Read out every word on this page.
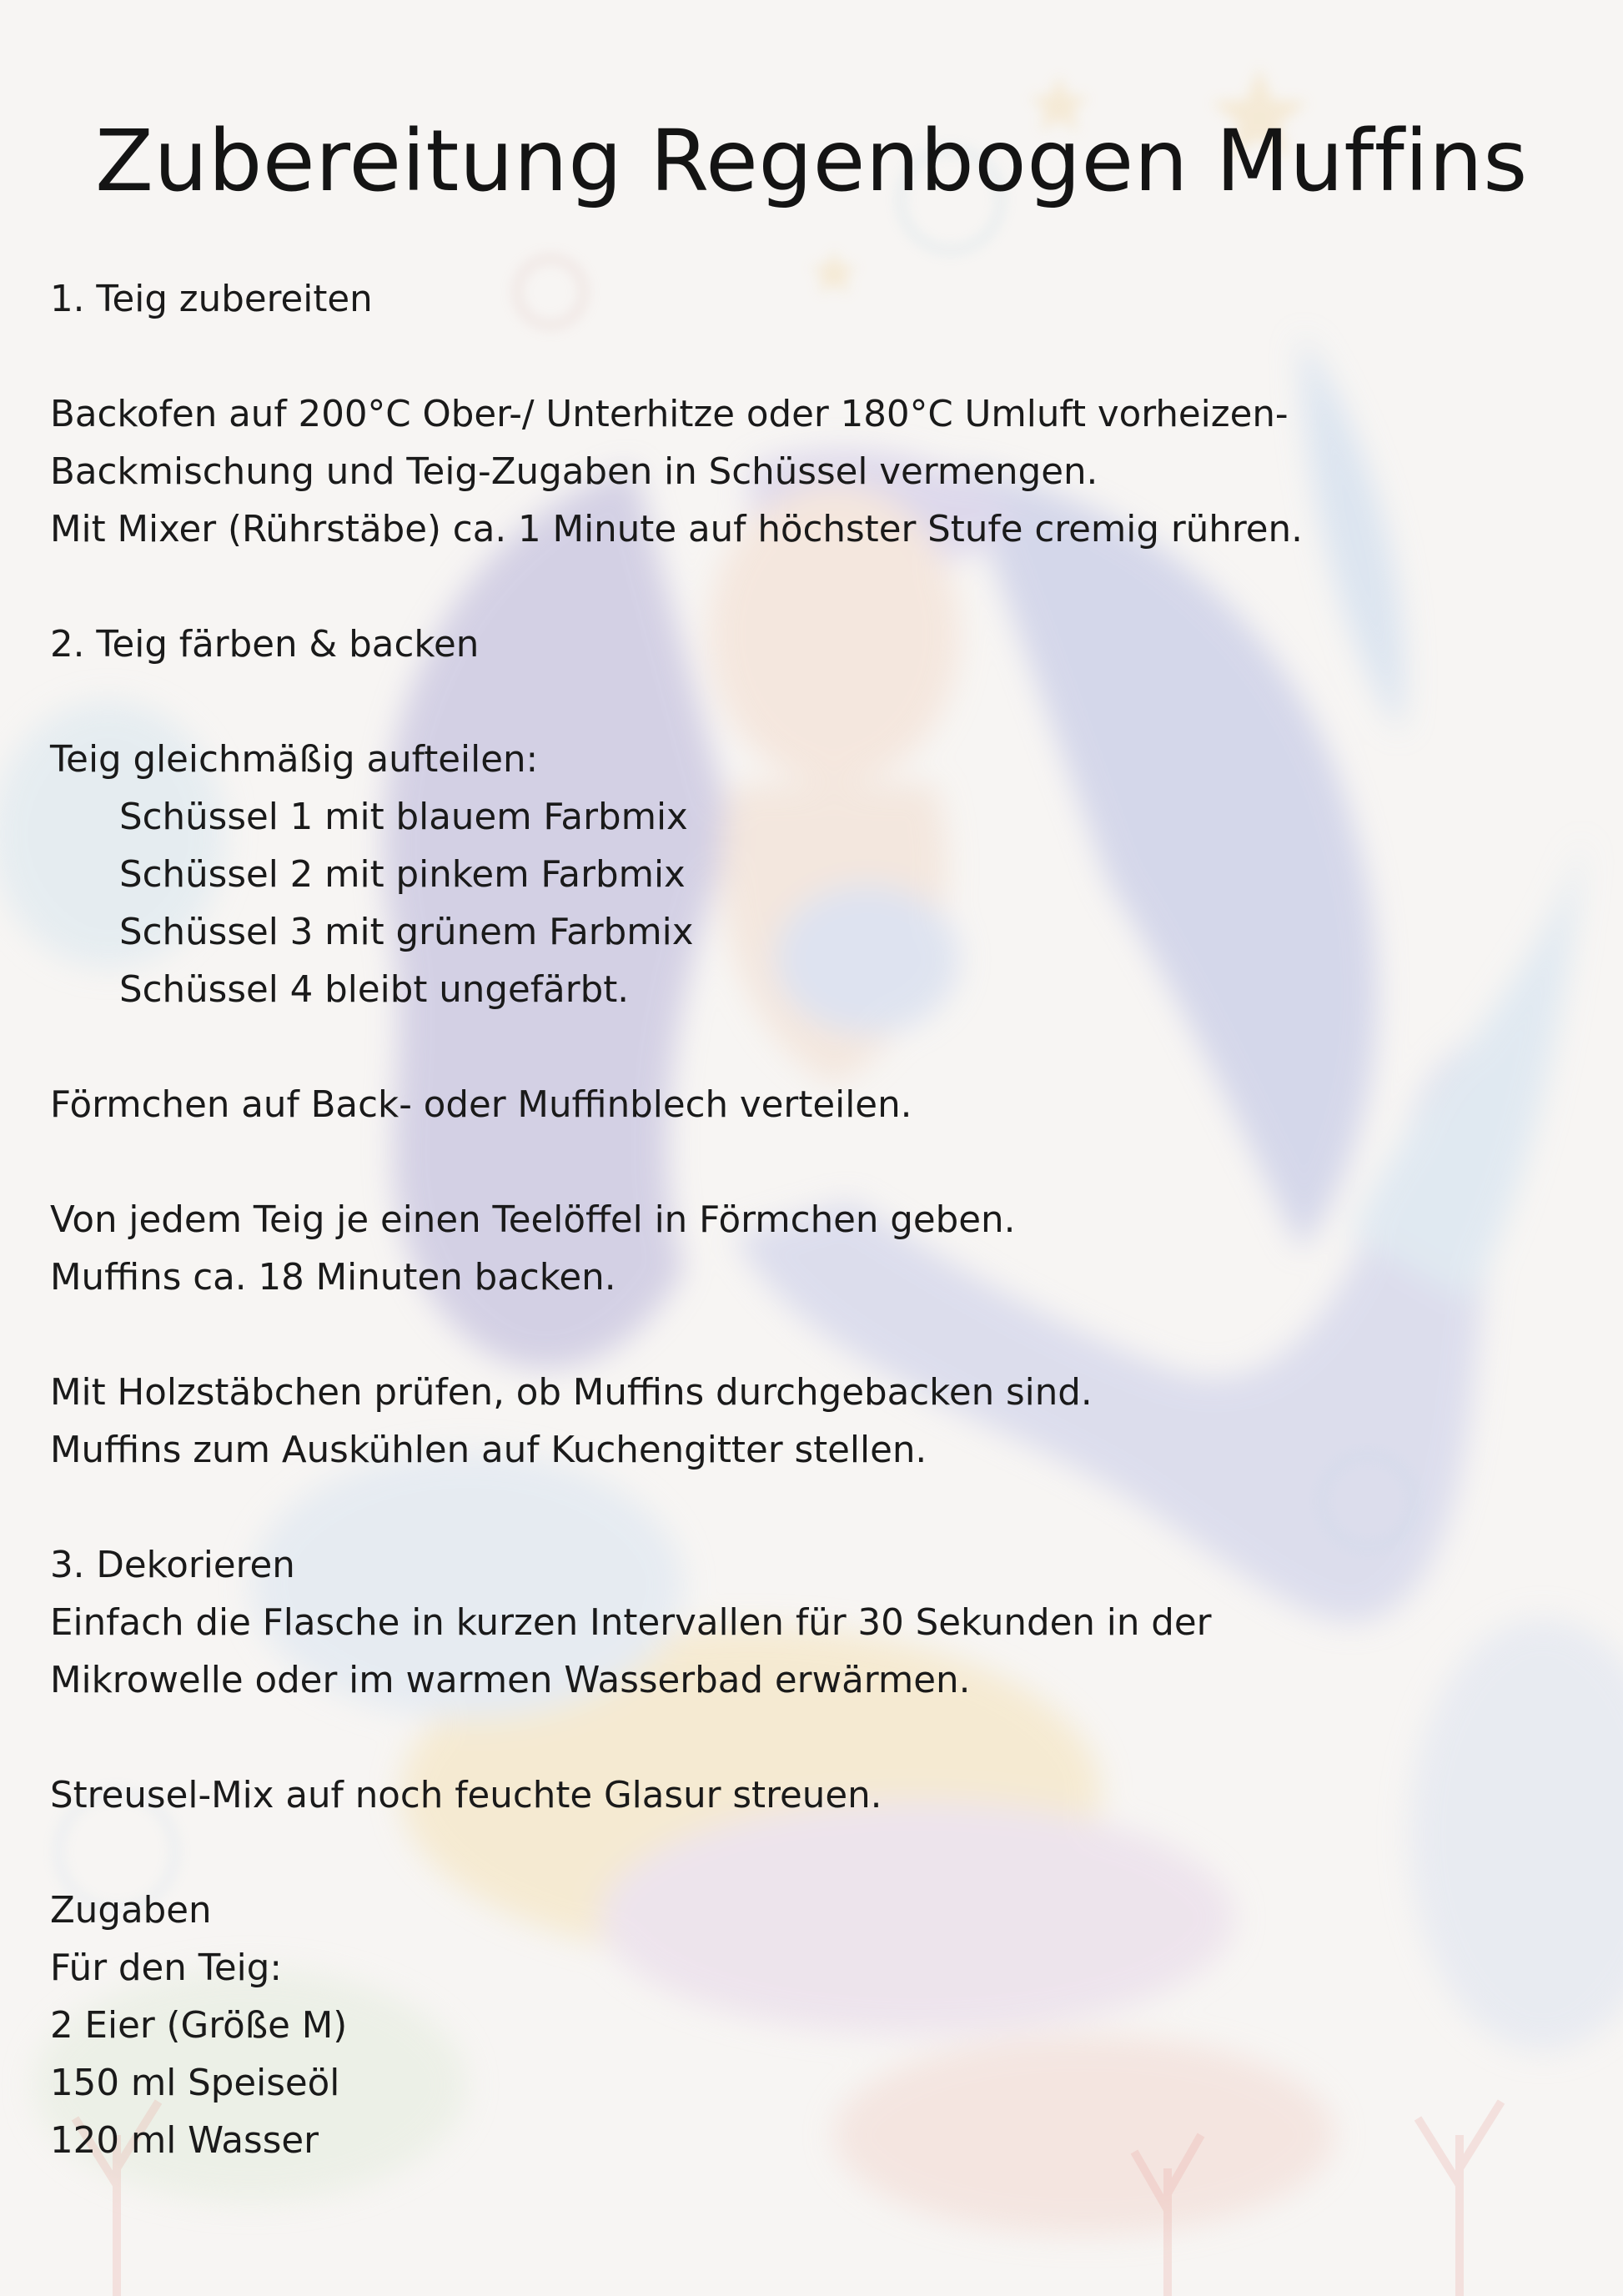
Zubereitung Regenbogen Muffins
1. Teig zubereiten
Backofen auf 200°C Ober-/ Unterhitze oder 180°C Umluft vorheizen-
Backmischung und Teig-Zugaben in Schüssel vermengen.
Mit Mixer (Rührstäbe) ca. 1 Minute auf höchster Stufe cremig rühren.
2. Teig färben & backen
Teig gleichmäßig aufteilen:
Schüssel 1 mit blauem Farbmix
Schüssel 2 mit pinkem Farbmix
Schüssel 3 mit grünem Farbmix
Schüssel 4 bleibt ungefärbt.
Förmchen auf Back- oder Muffinblech verteilen.
Von jedem Teig je einen Teelöffel in Förmchen geben.
Muffins ca. 18 Minuten backen.
Mit Holzstäbchen prüfen, ob Muffins durchgebacken sind.
Muffins zum Auskühlen auf Kuchengitter stellen.
3. Dekorieren
Einfach die Flasche in kurzen Intervallen für 30 Sekunden in der
Mikrowelle oder im warmen Wasserbad erwärmen.
Streusel-Mix auf noch feuchte Glasur streuen.
Zugaben
Für den Teig:
2 Eier (Größe M)
150 ml Speiseöl
120 ml Wasser
